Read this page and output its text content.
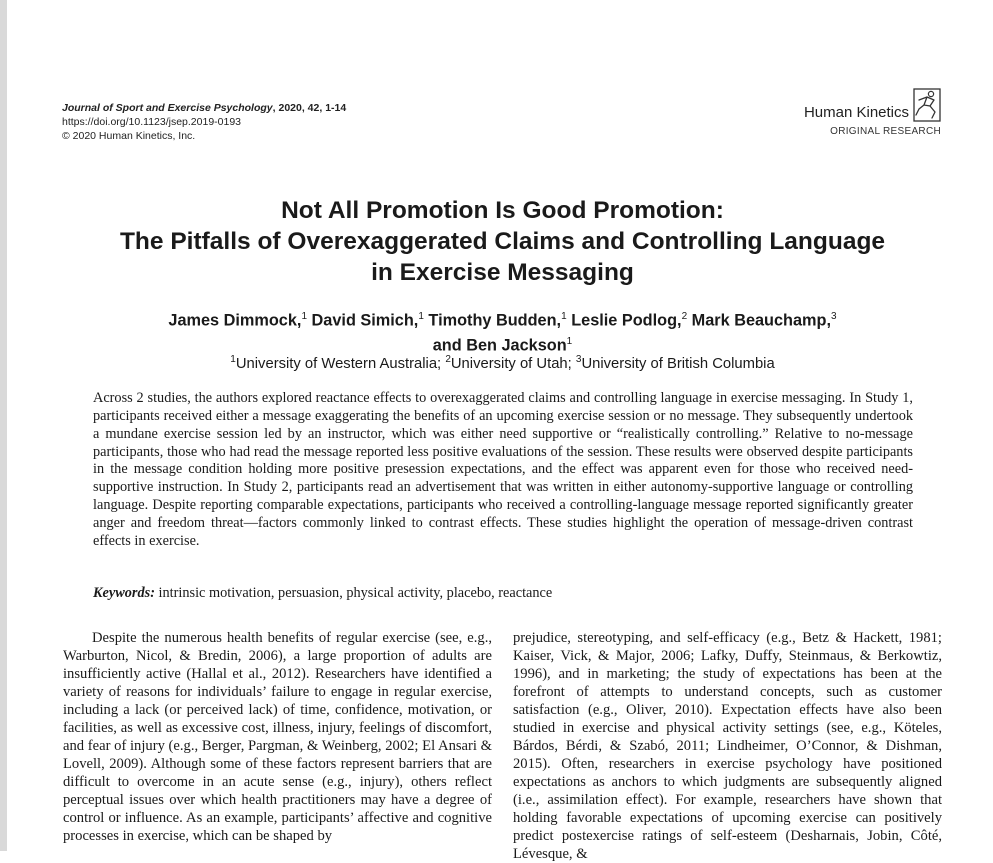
Journal of Sport and Exercise Psychology, 2020, 42, 1-14
https://doi.org/10.1123/jsep.2019-0193
© 2020 Human Kinetics, Inc.
Human Kinetics
ORIGINAL RESEARCH
Not All Promotion Is Good Promotion:
The Pitfalls of Overexaggerated Claims and Controlling Language
in Exercise Messaging
James Dimmock,$^1$ David Simich,$^1$ Timothy Budden,$^1$ Leslie Podlog,$^2$ Mark Beauchamp,$^3$
and Ben Jackson$^1$
$^1$University of Western Australia; $^2$University of Utah; $^3$University of British Columbia
Across 2 studies, the authors explored reactance effects to overexaggerated claims and controlling language in exercise messaging. In Study 1, participants received either a message exaggerating the benefits of an upcoming exercise session or no message. They subsequently undertook a mundane exercise session led by an instructor, which was either need supportive or “realistically controlling.” Relative to no-message participants, those who had read the message reported less positive evaluations of the session. These results were observed despite participants in the message condition holding more positive presession expectations, and the effect was apparent even for those who received need-supportive instruction. In Study 2, participants read an advertisement that was written in either autonomy-supportive language or controlling language. Despite reporting comparable expectations, participants who received a controlling-language message reported significantly greater anger and freedom threat—factors commonly linked to contrast effects. These studies highlight the operation of message-driven contrast effects in exercise.
Keywords: intrinsic motivation, persuasion, physical activity, placebo, reactance
Despite the numerous health benefits of regular exercise (see, e.g., Warburton, Nicol, & Bredin, 2006), a large proportion of adults are insufficiently active (Hallal et al., 2012). Researchers have identified a variety of reasons for individuals’ failure to engage in regular exercise, including a lack (or perceived lack) of time, confidence, motivation, or facilities, as well as excessive cost, illness, injury, feelings of discomfort, and fear of injury (e.g., Berger, Pargman, & Weinberg, 2002; El Ansari & Lovell, 2009). Although some of these factors represent barriers that are difficult to overcome in an acute sense (e.g., injury), others reflect perceptual issues over which health practitioners may have a degree of control or influence. As an example, participants’ affective and cognitive processes in exercise, which can be shaped by
prejudice, stereotyping, and self-efficacy (e.g., Betz & Hackett, 1981; Kaiser, Vick, & Major, 2006; Lafky, Duffy, Steinmaus, & Berkowtiz, 1996), and in marketing; the study of expectations has been at the forefront of attempts to understand concepts, such as customer satisfaction (e.g., Oliver, 2010). Expectation effects have also been studied in exercise and physical activity settings (see, e.g., Köteles, Bárdos, Bérdi, & Szabó, 2011; Lindheimer, O’Connor, & Dishman, 2015). Often, researchers in exercise psychology have positioned expectations as anchors to which judgments are subsequently aligned (i.e., assimilation effect). For example, researchers have shown that holding favorable expectations of upcoming exercise can positively predict postexercise ratings of self-esteem (Desharnais, Jobin, Côté, Lévesque, &
